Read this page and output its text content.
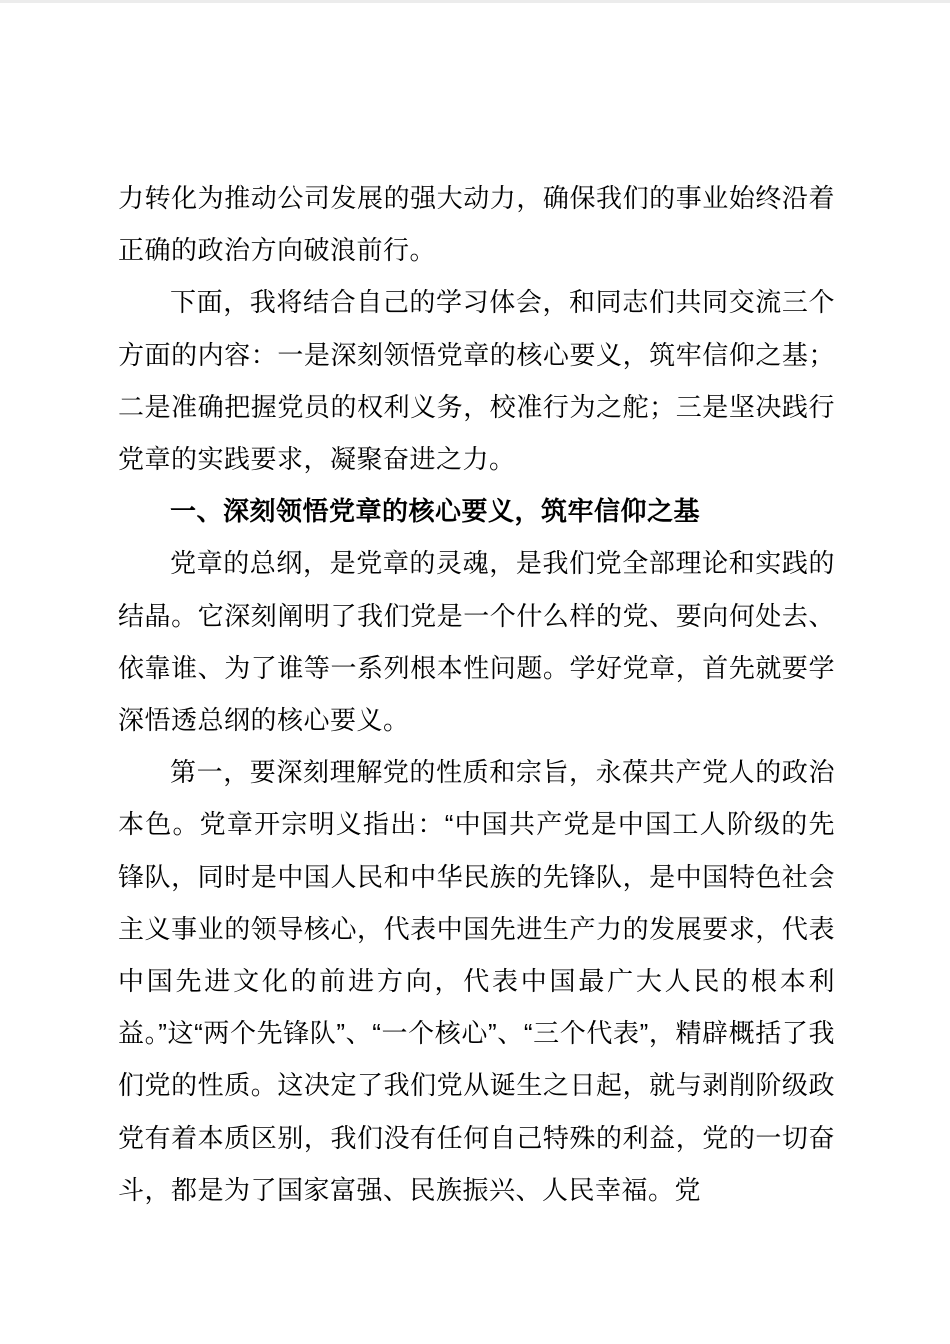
力转化为推动公司发展的强大动力，确保我们的事业始终沿着正确的政治方向破浪前行。

下面，我将结合自己的学习体会，和同志们共同交流三个方面的内容：一是深刻领悟党章的核心要义，筑牢信仰之基；二是准确把握党员的权利义务，校准行为之舵；三是坚决践行党章的实践要求，凝聚奋进之力。

一、深刻领悟党章的核心要义，筑牢信仰之基

党章的总纲，是党章的灵魂，是我们党全部理论和实践的结晶。它深刻阐明了我们党是一个什么样的党、要向何处去、依靠谁、为了谁等一系列根本性问题。学好党章，首先就要学深悟透总纲的核心要义。

第一，要深刻理解党的性质和宗旨，永葆共产党人的政治本色。党章开宗明义指出：“中国共产党是中国工人阶级的先锋队，同时是中国人民和中华民族的先锋队，是中国特色社会主义事业的领导核心，代表中国先进生产力的发展要求，代表中国先进文化的前进方向，代表中国最广大人民的根本利益。”这“两个先锋队”、“一个核心”、“三个代表”，精辟概括了我们党的性质。这决定了我们党从诞生之日起，就与剥削阶级政党有着本质区别，我们没有任何自己特殊的利益，党的一切奋斗，都是为了国家富强、民族振兴、人民幸福。党
